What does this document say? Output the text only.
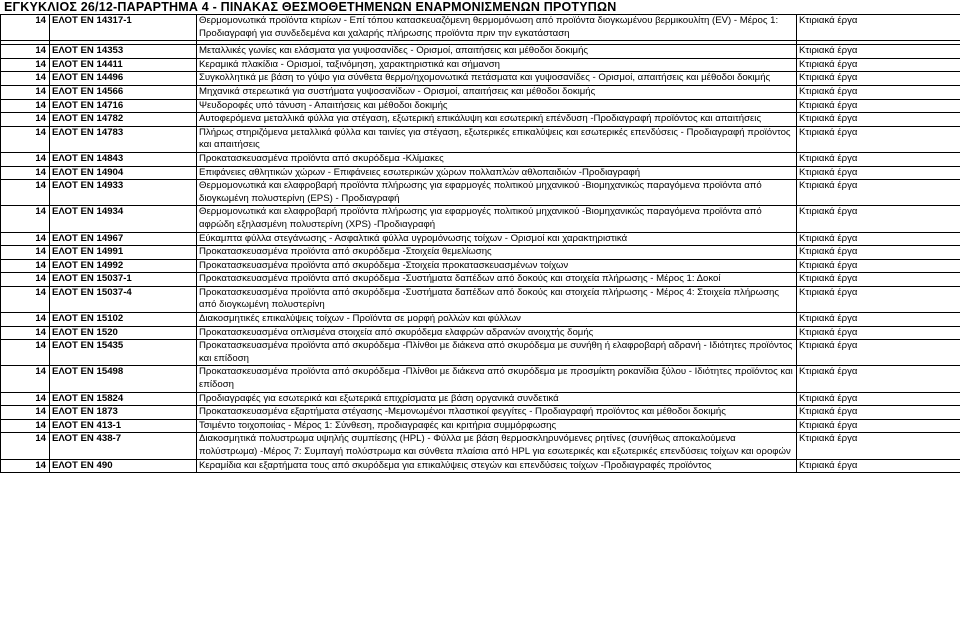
ΕΓΚΥΚΛΙΟΣ 26/12-ΠΑΡΑΡΤΗΜΑ 4 - ΠΙΝΑΚΑΣ ΘΕΣΜΟΘΕΤΗΜΕΝΩΝ ΕΝΑΡΜΟΝΙΣΜΕΝΩΝ ΠΡΟΤΥΠΩΝ
14	ΕΛΟΤ ΕΝ 14317-1	Θερμομονωτικά προϊόντα κτιρίων - Επί τόπου κατασκευαζόμενη θερμομόνωση από προϊόντα διογκωμένου βερμικουλίτη (EV) - Μέρος 1: Προδιαγραφή για συνδεδεμένα και χαλαρής πλήρωσης προϊόντα πριν την εγκατάσταση	Κτιριακά έργα

14	ΕΛΟΤ ΕΝ 14353	Μεταλλικές γωνίες και ελάσματα για γυψοσανίδες - Ορισμοί, απαιτήσεις και μέθοδοι δοκιμής	Κτιριακά έργα
14	ΕΛΟΤ ΕΝ 14411	Κεραμικά πλακίδια - Ορισμοί, ταξινόμηση, χαρακτηριστικά και σήμανση	Κτιριακά έργα
14	ΕΛΟΤ ΕΝ 14496	Συγκολλητικά με βάση το γύψο για σύνθετα θερμο/ηχομονωτικά πετάσματα και γυψοσανίδες - Ορισμοί, απαιτήσεις και μέθοδοι δοκιμής	Κτιριακά έργα
14	ΕΛΟΤ ΕΝ 14566	Μηχανικά στερεωτικά για συστήματα γυψοσανίδων - Ορισμοί, απαιτήσεις και μέθοδοι δοκιμής	Κτιριακά έργα
14	ΕΛΟΤ ΕΝ 14716	Ψευδοροφές υπό τάνυση - Απαιτήσεις και μέθοδοι δοκιμής	Κτιριακά έργα
14	ΕΛΟΤ ΕΝ 14782	Αυτοφερόμενα μεταλλικά φύλλα για στέγαση, εξωτερική επικάλυψη και εσωτερική επένδυση -Προδιαγραφή προϊόντος και απαιτήσεις	Κτιριακά έργα
14	ΕΛΟΤ ΕΝ 14783	Πλήρως στηριζόμενα μεταλλικά φύλλα και ταινίες για στέγαση, εξωτερικές επικαλύψεις και εσωτερικές επενδύσεις - Προδιαγραφή προϊόντος και απαιτήσεις	Κτιριακά έργα
14	ΕΛΟΤ ΕΝ 14843	Προκατασκευασμένα προϊόντα από σκυρόδεμα -Κλίμακες	Κτιριακά έργα
14	ΕΛΟΤ ΕΝ 14904	Επιφάνειες αθλητικών χώρων - Επιφάνειες εσωτερικών χώρων πολλαπλών αθλοπαιδιών -Προδιαγραφή	Κτιριακά έργα
14	ΕΛΟΤ ΕΝ 14933	Θερμομονωτικά και ελαφροβαρή προϊόντα πλήρωσης για εφαρμογές πολιτικού μηχανικού -Βιομηχανικώς παραγόμενα προϊόντα από διογκωμένη πολυστερίνη (EPS) - Προδιαγραφή	Κτιριακά έργα
14	ΕΛΟΤ ΕΝ 14934	Θερμομονωτικά και ελαφροβαρή προϊόντα πλήρωσης για εφαρμογές πολιτικού μηχανικού -Βιομηχανικώς παραγόμενα προϊόντα από αφρώδη εξηλασμένη πολυστερίνη (XPS) -Προδιαγραφή	Κτιριακά έργα
14	ΕΛΟΤ ΕΝ 14967	Εύκαμπτα φύλλα στεγάνωσης - Ασφαλτικά φύλλα υγρομόνωσης τοίχων - Ορισμοί και χαρακτηριστικά	Κτιριακά έργα
14	ΕΛΟΤ ΕΝ 14991	Προκατασκευασμένα προϊόντα από σκυρόδεμα -Στοιχεία θεμελίωσης	Κτιριακά έργα
14	ΕΛΟΤ ΕΝ 14992	Προκατασκευασμένα προϊόντα από σκυρόδεμα -Στοιχεία προκατασκευασμένων τοίχων	Κτιριακά έργα
14	ΕΛΟΤ ΕΝ 15037-1	Προκατασκευασμένα προϊόντα από σκυρόδεμα -Συστήματα δαπέδων από δοκούς και στοιχεία πλήρωσης - Μέρος 1: Δοκοί	Κτιριακά έργα
14	ΕΛΟΤ ΕΝ 15037-4	Προκατασκευασμένα προϊόντα από σκυρόδεμα -Συστήματα δαπέδων από δοκούς και στοιχεία πλήρωσης - Μέρος 4: Στοιχεία πλήρωσης από διογκωμένη πολυστερίνη	Κτιριακά έργα
14	ΕΛΟΤ ΕΝ 15102	Διακοσμητικές επικαλύψεις τοίχων - Προϊόντα σε μορφή ρολλών και φύλλων	Κτιριακά έργα
14	ΕΛΟΤ ΕΝ 1520	Προκατασκευασμένα οπλισμένα στοιχεία από σκυρόδεμα ελαφρών αδρανών ανοιχτής δομής	Κτιριακά έργα
14	ΕΛΟΤ ΕΝ 15435	Προκατασκευασμένα προϊόντα από σκυρόδεμα -Πλίνθοι με διάκενα από σκυρόδεμα με συνήθη ή ελαφροβαρή αδρανή - Ιδιότητες προϊόντος και επίδοση	Κτιριακά έργα
14	ΕΛΟΤ ΕΝ 15498	Προκατασκευασμένα προϊόντα από σκυρόδεμα -Πλίνθοι με διάκενα από σκυρόδεμα με προσμίκτη ροκανίδια ξύλου - Ιδιότητες προϊόντος και επίδοση	Κτιριακά έργα
14	ΕΛΟΤ ΕΝ 15824	Προδιαγραφές για εσωτερικά και εξωτερικά επιχρίσματα με βάση οργανικά συνδετικά	Κτιριακά έργα
14	ΕΛΟΤ ΕΝ 1873	Προκατασκευασμένα εξαρτήματα στέγασης -Μεμονωμένοι πλαστικοί φεγγίτες - Προδιαγραφή προϊόντος και μέθοδοι δοκιμής	Κτιριακά έργα
14	ΕΛΟΤ ΕΝ 413-1	Τσιμέντο τοιχοποιίας - Μέρος 1: Σύνθεση, προδιαγραφές και κριτήρια συμμόρφωσης	Κτιριακά έργα
14	ΕΛΟΤ ΕΝ 438-7	Διακοσμητικά πολυστρωμα υψηλής συμπίεσης (HPL) - Φύλλα με βάση θερμοσκληρυνόμενες ρητίνες (συνήθως αποκαλούμενα πολύστρωμα) -Μέρος 7: Συμπαγή πολύστρωμα και σύνθετα πλαίσια από HPL για εσωτερικές και εξωτερικές επενδύσεις τοίχων και οροφών	Κτιριακά έργα
14	ΕΛΟΤ ΕΝ 490	Κεραμίδια και εξαρτήματα τους από σκυρόδεμα για επικαλύψεις στεγών και επενδύσεις τοίχων -Προδιαγραφές προϊόντος	Κτιριακά έργα
